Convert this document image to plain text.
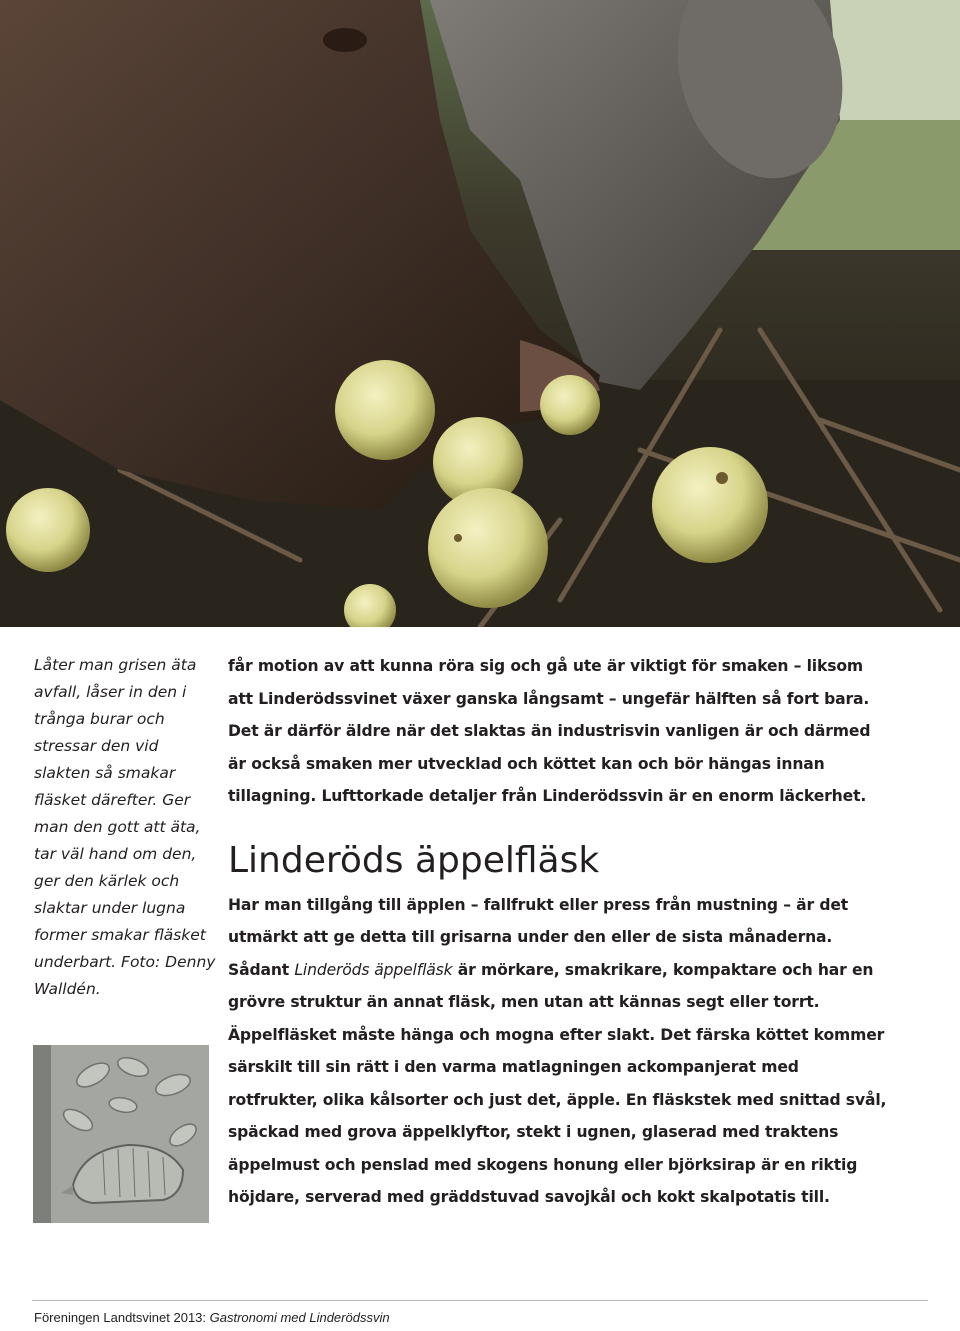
Låter man grisen äta avfall, låser in den i trånga burar och stressar den vid slakten så smakar fläsket därefter. Ger man den gott att äta, tar väl hand om den, ger den kärlek och slaktar under lugna former smakar fläsket underbart. Foto: Denny Walldén.

får motion av att kunna röra sig och gå ute är viktigt för smaken – liksom att Linderödssvinet växer ganska långsamt – ungefär hälften så fort bara. Det är därför äldre när det slaktas än industrisvin vanligen är och därmed är också smaken mer utvecklad och köttet kan och bör hängas innan tillagning. Lufttorkade detaljer från Linderödssvin är en enorm läckerhet.

Linderöds äppelfläsk

Har man tillgång till äpplen – fallfrukt eller press från mustning – är det utmärkt att ge detta till grisarna under den eller de sista månaderna. Sådant Linderöds äppelfläsk är mörkare, smakrikare, kompaktare och har en grövre struktur än annat fläsk, men utan att kännas segt eller torrt. Äppelfläsket måste hänga och mogna efter slakt. Det färska köttet kommer särskilt till sin rätt i den varma matlagningen ackompanjerat med rotfrukter, olika kålsorter och just det, äpple. En fläskstek med snittad svål, späckad med grova äppelklyftor, stekt i ugnen, glaserad med traktens äppelmust och penslad med skogens honung eller björksirap är en riktig höjdare, serverad med gräddstuvad savojkål och kokt skalpotatis till.

Föreningen Landtsvinet 2013: Gastronomi med Linderödssvin
